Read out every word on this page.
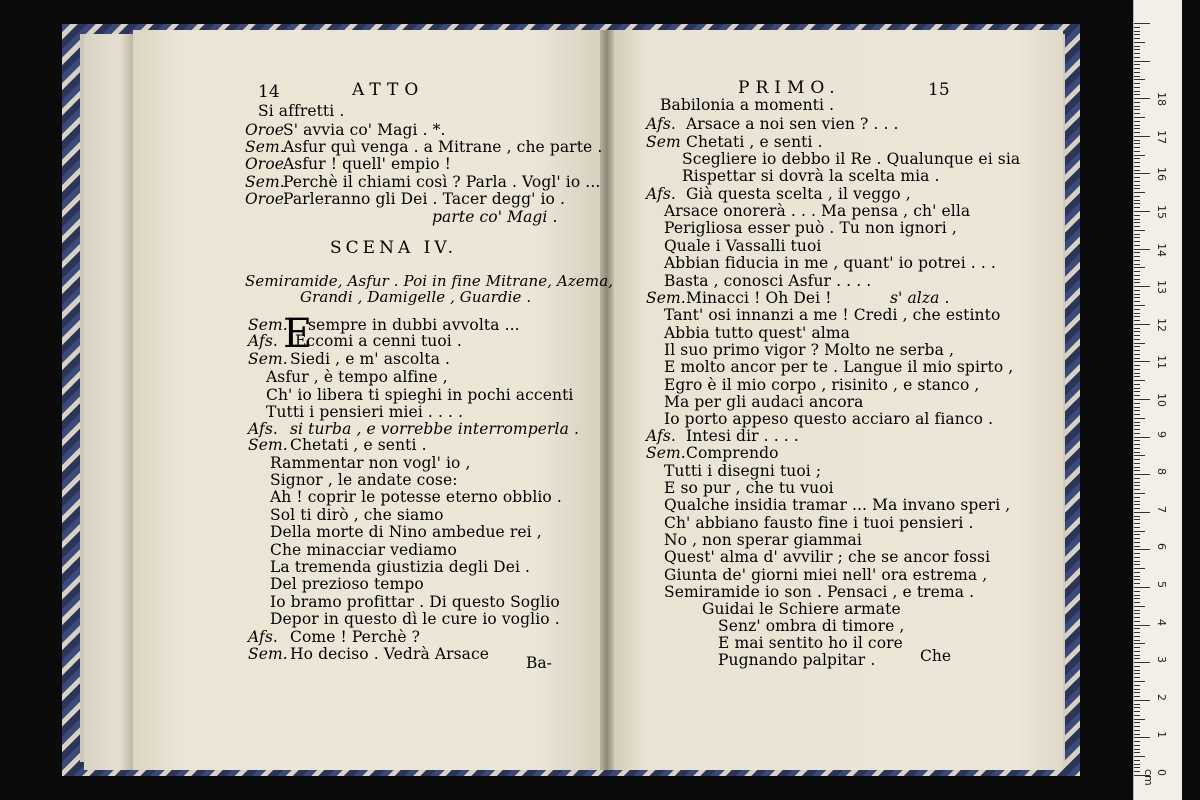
14	ATTO
Si affretti .
Oroe
S' avvia co' Magi . *.
Sem.
Asfur quì venga . a Mitrane , che parte .
Oroe
Asfur ! quell' empio !
Sem.
Perchè il chiami così ? Parla . Vogl' io ...
Oroe
Parleranno gli Dei . Tacer degg' io .
parte co' Magi .
SCENA IV.
Semiramide, Asfur . Poi in fine Mitrane, Azema,
Grandi , Damigelle , Guardie .
E
Sem. sempre in dubbi avvolta ...
Afs. Eccomi a cenni tuoi .
Sem. Siedi , e m' ascolta .
Asfur , è tempo alfine ,
Ch' io libera ti spieghi in pochi accenti
Tutti i pensieri miei . . . .
Afs. si turba , e vorrebbe interromperla .
Sem. Chetati , e senti .
Rammentar non vogl' io ,
Signor , le andate cose:
Ah ! coprir le potesse eterno obblio .
Sol ti dirò , che siamo
Della morte di Nino ambedue rei ,
Che minacciar vediamo
La tremenda giustizia degli Dei .
Del prezioso tempo
Io bramo profittar . Di questo Soglio
Depor in questo dì le cure io voglio .
Afs. Come ! Perchè ?
Sem. Ho deciso . Vedrà Arsace Ba-
PRIMO.	15
Babilonia a momenti .
Afs. Arsace a noi sen vien ? . . .
Sem Chetati , e senti .
Scegliere io debbo il Re . Qualunque ei sia
Rispettar si dovrà la scelta mia .
Afs. Già questa scelta , il veggo ,
Arsace onorerà . . . Ma pensa , ch' ella
Perigliosa esser può . Tu non ignori ,
Quale i Vassalli tuoi
Abbian fiducia in me , quant' io potrei . . .
Basta , conosci Asfur . . . .
Sem. Minacci ! Oh Dei !
Tant' osi innanzi a me ! Credi , che estinto
Abbia tutto quest' alma
Il suo primo vigor ? Molto ne serba ,
E molto ancor per te . Langue il mio spirto ,
Egro è il mio corpo , risinito , e stanco ,
Ma per gli audaci ancora
Io porto appeso questo acciaro al fianco .
Afs. Intesi dir . . . .
Sem. Comprendo
Tutti i disegni tuoi ;
E so pur , che tu vuoi
Qualche insidia tramar ... Ma invano speri ,
Ch' abbiano fausto fine i tuoi pensieri .
No , non sperar giammai
Quest' alma d' avvilir ; che se ancor fossi
Giunta de' giorni miei nell' ora estrema ,
Semiramide io son . Pensaci , e trema .
Guidai le Schiere armate
Senz' ombra di timore ,
E mai sentito ho il core
Pugnando palpitar .
s' alza .
Che
0 cm
1
2
3
4
5
6
7
8
9
10
11
12
13
14
15
16
17
18
